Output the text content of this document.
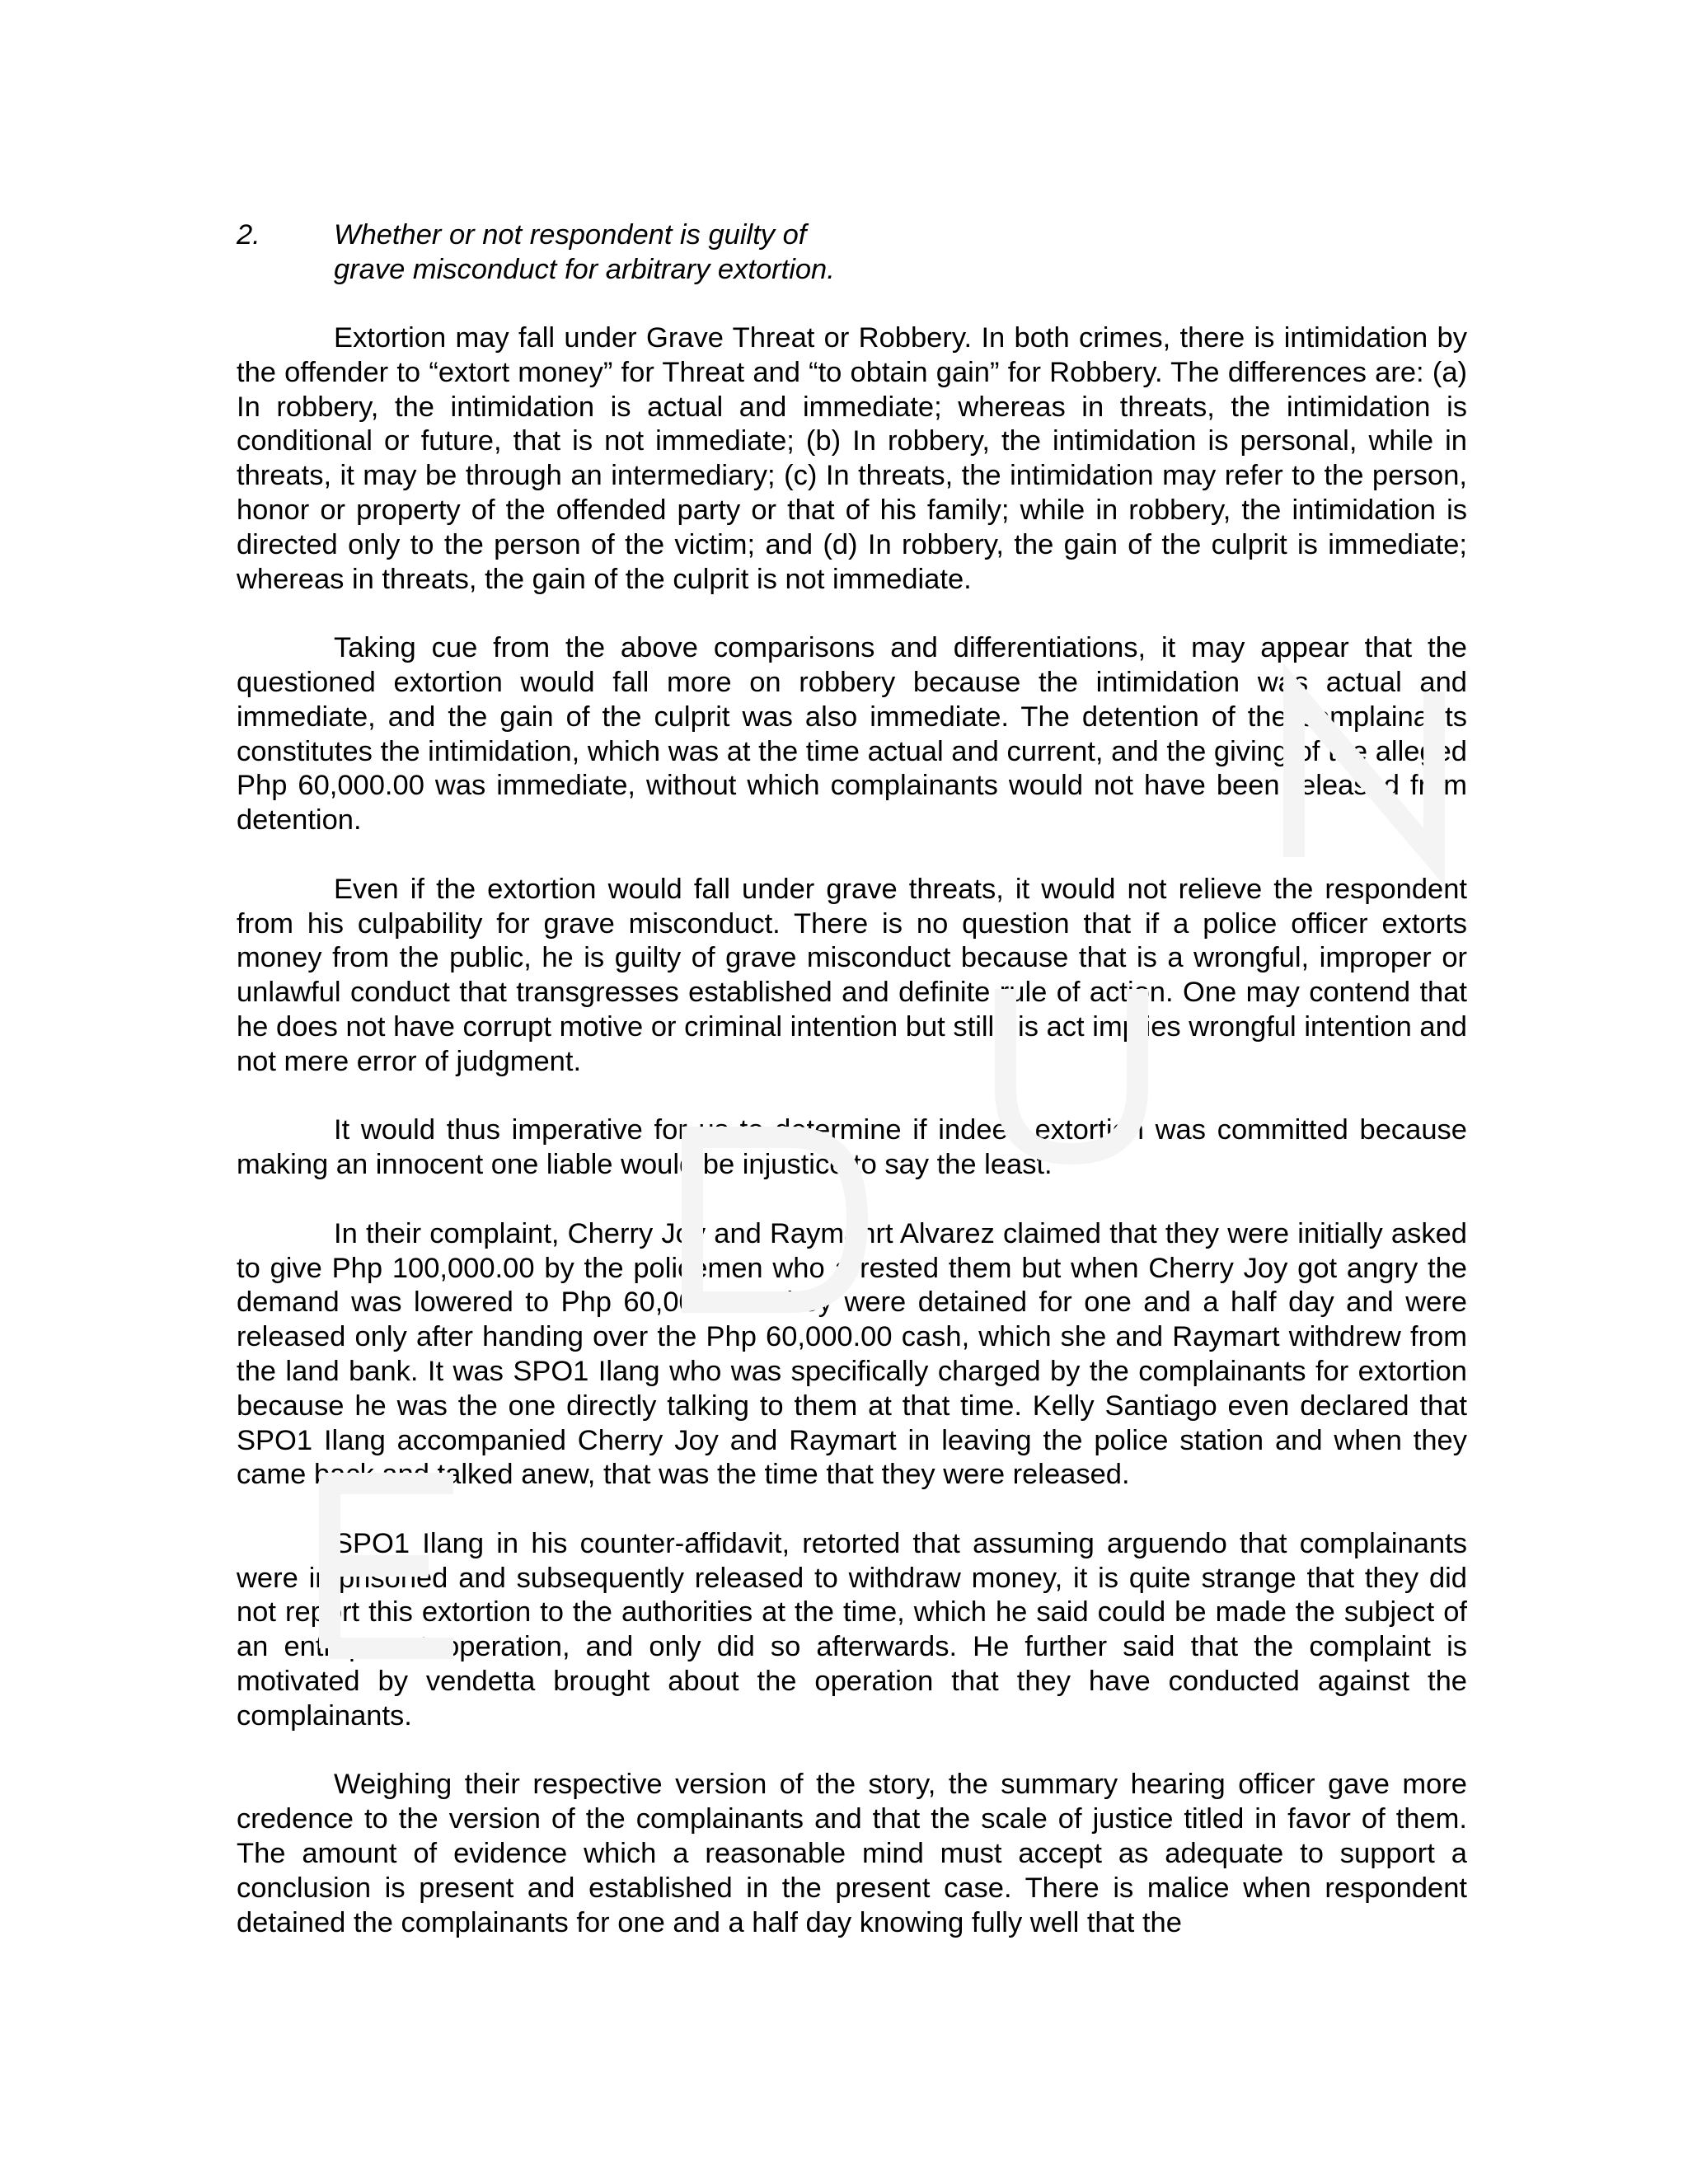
2.	Whether or not respondent is guilty of
grave misconduct for arbitrary extortion.

Extortion may fall under Grave Threat or Robbery. In both crimes, there is intimidation by the offender to “extort money” for Threat and “to obtain gain” for Robbery. The differences are: (a) In robbery, the intimidation is actual and immediate; whereas in threats, the intimidation is conditional or future, that is not immediate; (b) In robbery, the intimidation is personal, while in threats, it may be through an intermediary; (c) In threats, the intimidation may refer to the person, honor or property of the offended party or that of his family; while in robbery, the intimidation is directed only to the person of the victim; and (d) In robbery, the gain of the culprit is immediate; whereas in threats, the gain of the culprit is not immediate.

Taking cue from the above comparisons and differentiations, it may appear that the questioned extortion would fall more on robbery because the intimidation was actual and immediate, and the gain of the culprit was also immediate. The detention of the complainants constitutes the intimidation, which was at the time actual and current, and the giving of the alleged Php 60,000.00 was immediate, without which complainants would not have been released from detention.

Even if the extortion would fall under grave threats, it would not relieve the respondent from his culpability for grave misconduct. There is no question that if a police officer extorts money from the public, he is guilty of grave misconduct because that is a wrongful, improper or unlawful conduct that transgresses established and definite rule of action. One may contend that he does not have corrupt motive or criminal intention but still his act implies wrongful intention and not mere error of judgment.

It would thus imperative for us to determine if indeed extortion was committed because making an innocent one liable would be injustice to say the least.

In their complaint, Cherry Joy and Raymanrt Alvarez claimed that they were initially asked to give Php 100,000.00 by the policemen who arrested them but when Cherry Joy got angry the demand was lowered to Php 60,000.00. They were detained for one and a half day and were released only after handing over the Php 60,000.00 cash, which she and Raymart withdrew from the land bank. It was SPO1 Ilang who was specifically charged by the complainants for extortion because he was the one directly talking to them at that time. Kelly Santiago even declared that SPO1 Ilang accompanied Cherry Joy and Raymart in leaving the police station and when they came back and talked anew, that was the time that they were released.

SPO1 Ilang in his counter-affidavit, retorted that assuming arguendo that complainants were imprisoned and subsequently released to withdraw money, it is quite strange that they did not report this extortion to the authorities at the time, which he said could be made the subject of an entrapment operation, and only did so afterwards. He further said that the complaint is motivated by vendetta brought about the operation that they have conducted against the complainants.

Weighing their respective version of the story, the summary hearing officer gave more credence to the version of the complainants and that the scale of justice titled in favor of them. The amount of evidence which a reasonable mind must accept as adequate to support a conclusion is present and established in the present case. There is malice when respondent detained the complainants for one and a half day knowing fully well that the
